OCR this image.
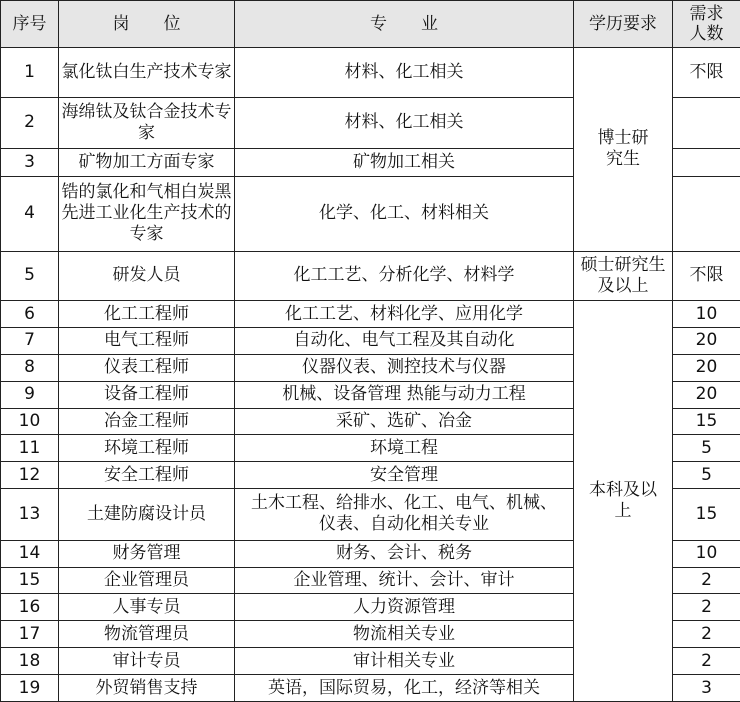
序号	岗　　位	专　　业	学历要求	需求人数
1	氯化钛白生产技术专家	材料、化工相关	博士研究生	不限
2	海绵钛及钛合金技术专家	材料、化工相关		
3	矿物加工方面专家	矿物加工相关		
4	锆的氯化和气相白炭黑先进工业化生产技术的专家	化学、化工、材料相关		
5	研发人员	化工工艺、分析化学、材料学	硕士研究生及以上	不限
6	化工工程师	化工工艺、材料化学、应用化学	本科及以上	10
7	电气工程师	自动化、电气工程及其自动化		20
8	仪表工程师	仪器仪表、测控技术与仪器		20
9	设备工程师	机械、设备管理 热能与动力工程		20
10	冶金工程师	采矿、选矿、冶金		15
11	环境工程师	环境工程		5
12	安全工程师	安全管理		5
13	土建防腐设计员	土木工程、给排水、化工、电气、机械、仪表、自动化相关专业		15
14	财务管理	财务、会计、税务		10
15	企业管理员	企业管理、统计、会计、审计		2
16	人事专员	人力资源管理		2
17	物流管理员	物流相关专业		2
18	审计专员	审计相关专业		2
19	外贸销售支持	英语，国际贸易，化工，经济等相关		3
